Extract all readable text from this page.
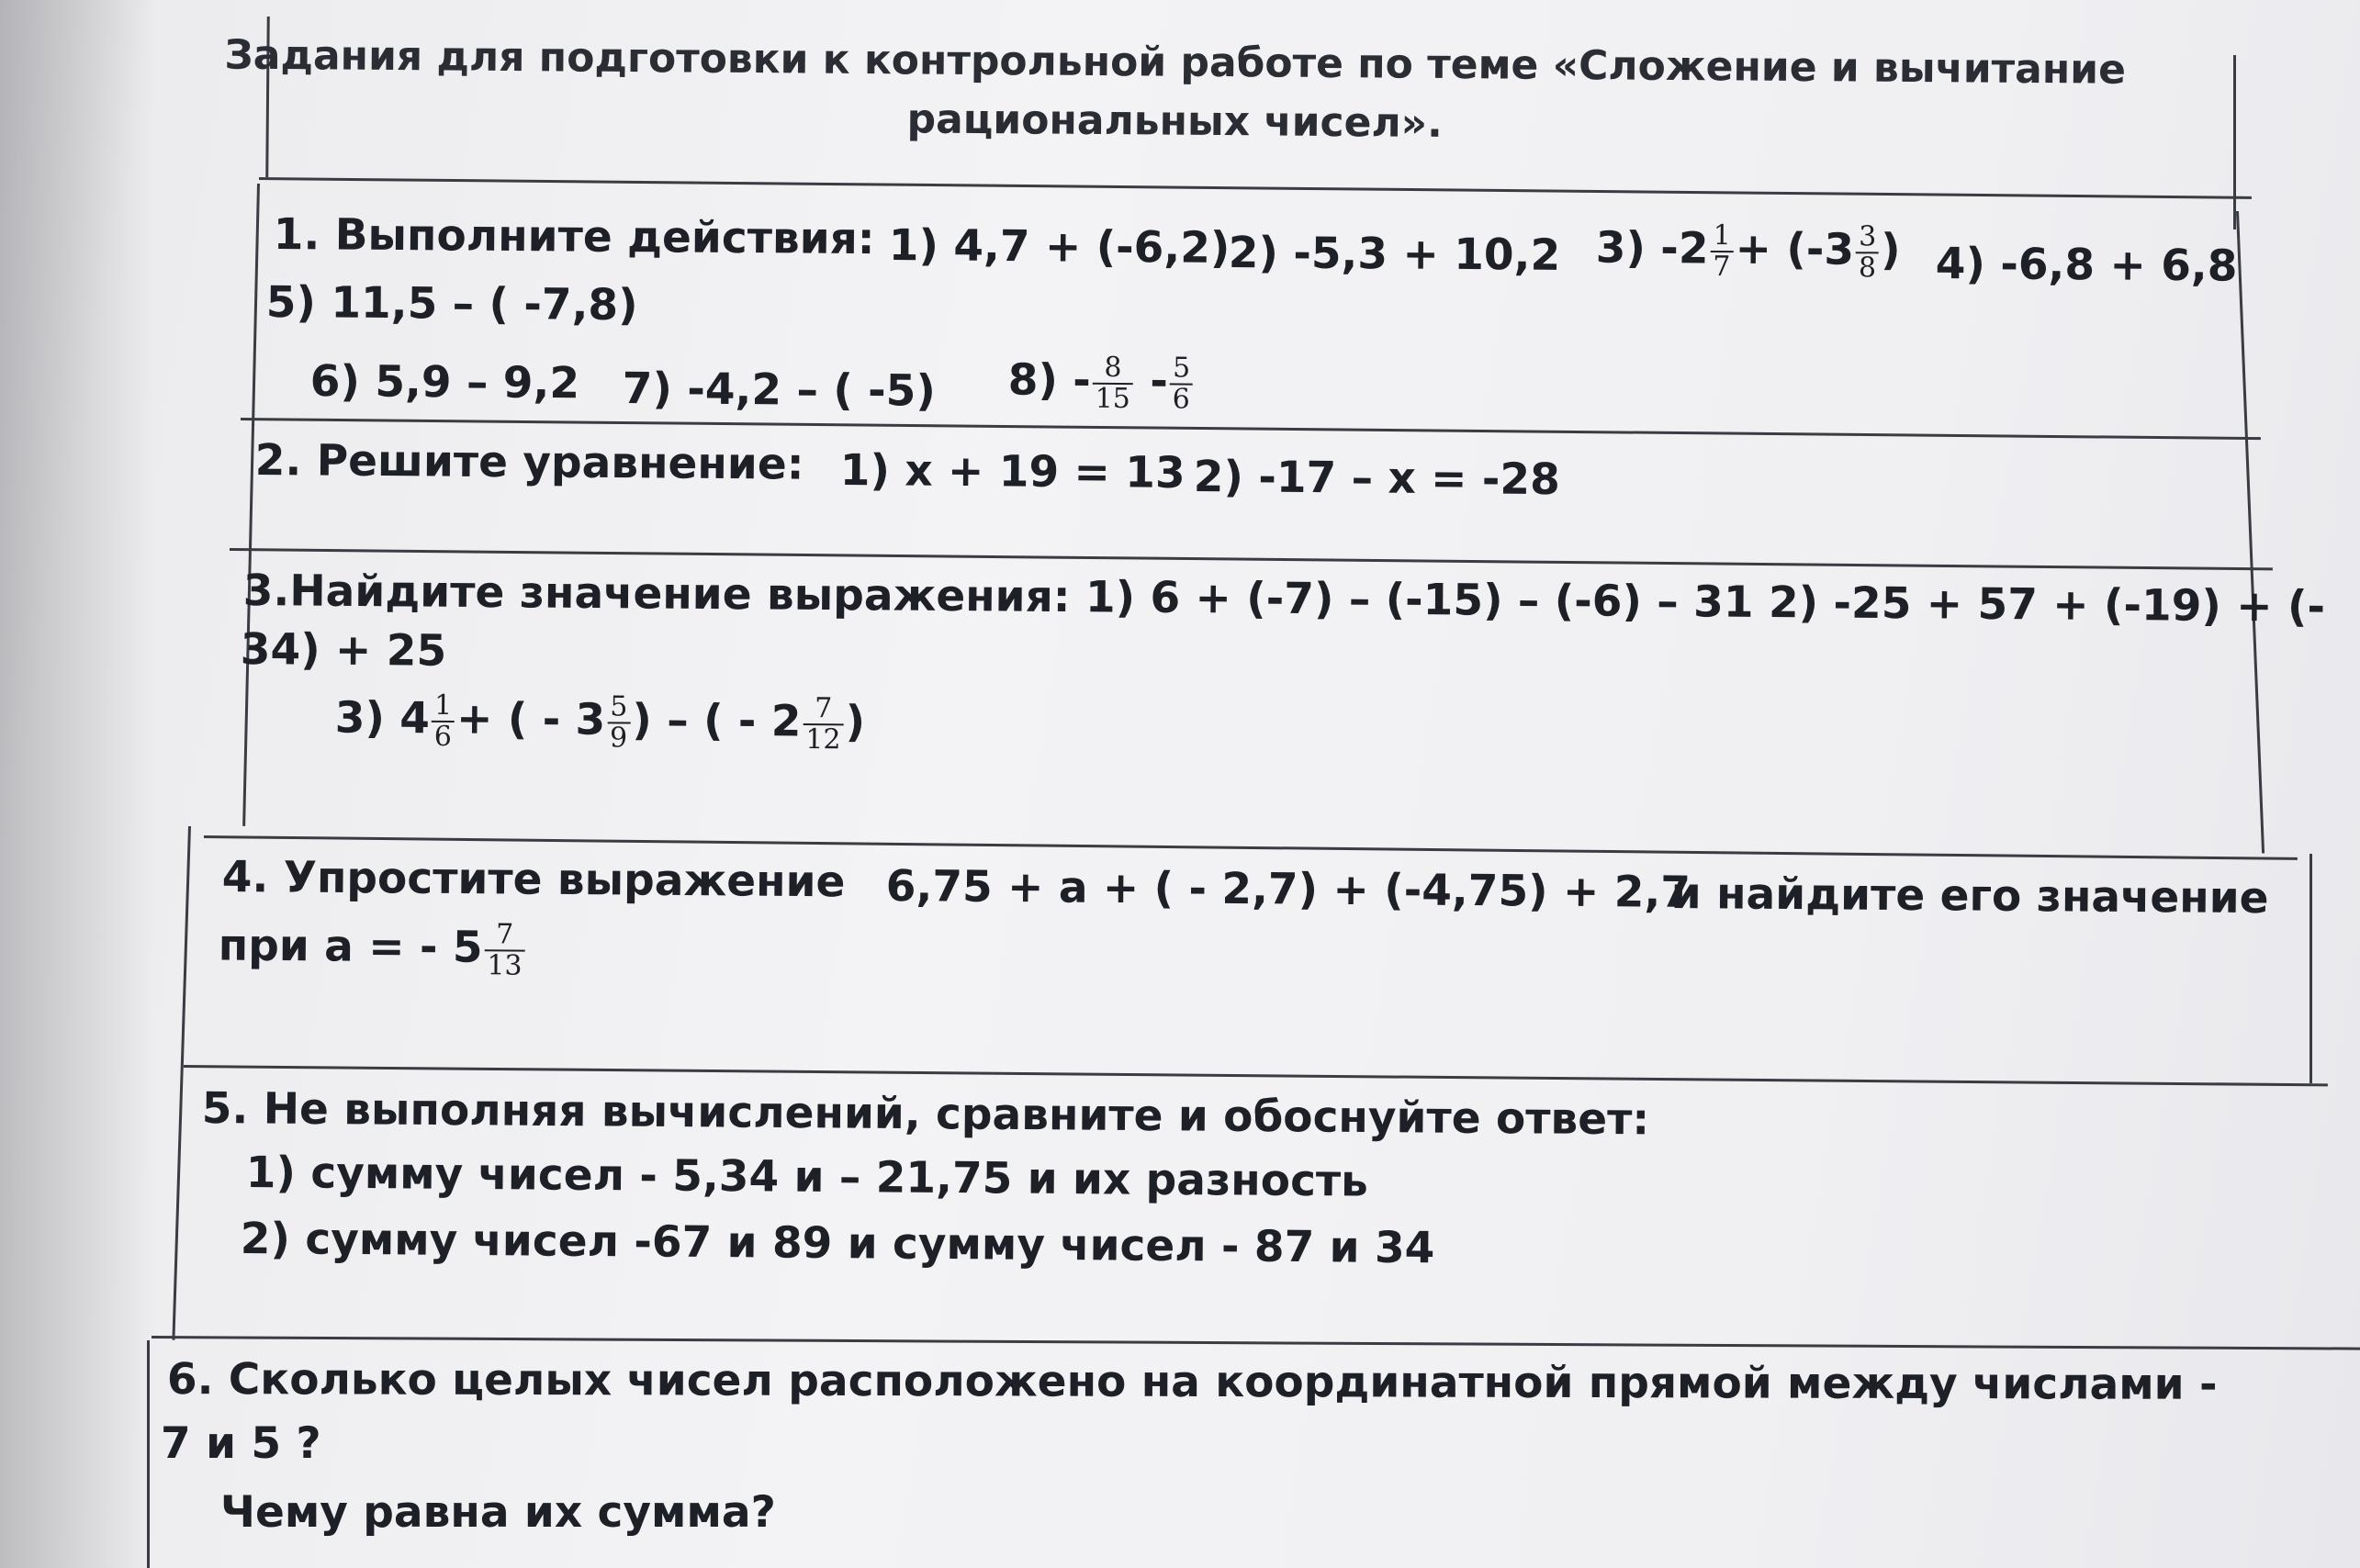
Задания для подготовки к контрольной работе по теме «Сложение и вычитание
рациональных чисел».
1. Выполните действия: 1) 4,7 + (-6,2)
2) -5,3 + 10,2 3) $-2 \frac{1}{7} + (-3 \frac{3}{8}$ ) 4) -6,8 + 6,8
5) 11,5 – ( -7,8)
6) 5,9 – 9,2 7) -4,2 – ( -5) $8) - \frac{8}{15} - \frac{5}{6}$
2. Решите уравнение: 1) x + 19 = 13 2) -17 – x = -28
3.Найдите значение выражения: 1) 6 + (-7) – (-15) – (-6) – 31 2) -25 + 57 + (-19) + (-
34) + 25
3) $4 \frac{1}{6}$ + ( - $3 \frac{5}{9}$ ) – ( - $2 \frac{7}{12}$ )
4. Упростите выражение 6,75 + a + ( - 2,7) + (-4,75) + 2,7
и найдите его значение
при a = - $5 \frac{7}{13}$
5. Не выполняя вычислений, сравните и обоснуйте ответ:
1) сумму чисел - 5,34 и – 21,75 и их разность
2) сумму чисел -67 и 89 и сумму чисел - 87 и 34
6. Сколько целых чисел расположено на координатной прямой между числами -
7 и 5 ?
Чему равна их сумма?
